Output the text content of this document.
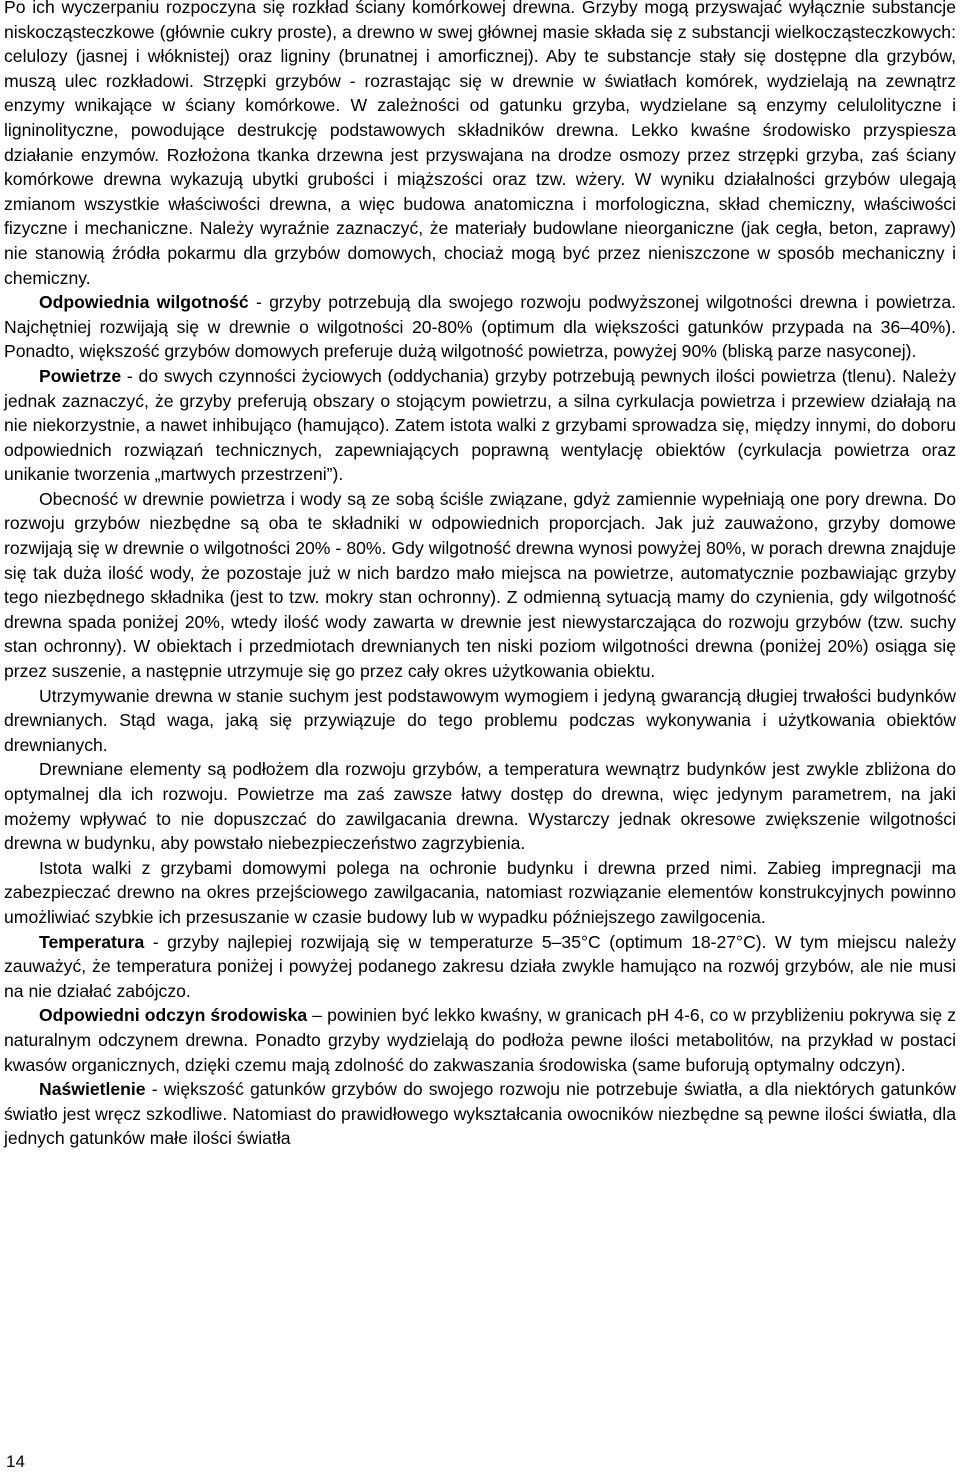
Po ich wyczerpaniu rozpoczyna się rozkład ściany komórkowej drewna. Grzyby mogą przyswajać wyłącznie substancje niskocząsteczkowe (głównie cukry proste), a drewno w swej głównej masie składa się z substancji wielkocząsteczkowych: celulozy (jasnej i włóknistej) oraz ligniny (brunatnej i amorficznej). Aby te substancje stały się dostępne dla grzybów, muszą ulec rozkładowi. Strzępki grzybów - rozrastając się w drewnie w światłach komórek, wydzielają na zewnątrz enzymy wnikające w ściany komórkowe. W zależności od gatunku grzyba, wydzielane są enzymy celulolityczne i ligninolityczne, powodujące destrukcję podstawowych składników drewna. Lekko kwaśne środowisko przyspiesza działanie enzymów. Rozłożona tkanka drzewna jest przyswajana na drodze osmozy przez strzępki grzyba, zaś ściany komórkowe drewna wykazują ubytki grubości i miąższości oraz tzw. wżery. W wyniku działalności grzybów ulegają zmianom wszystkie właściwości drewna, a więc budowa anatomiczna i morfologiczna, skład chemiczny, właściwości fizyczne i mechaniczne. Należy wyraźnie zaznaczyć, że materiały budowlane nieorganiczne (jak cegła, beton, zaprawy) nie stanowią źródła pokarmu dla grzybów domowych, chociaż mogą być przez nieniszczone w sposób mechaniczny i chemiczny.

Odpowiednia wilgotność - grzyby potrzebują dla swojego rozwoju podwyższonej wilgotności drewna i powietrza. Najchętniej rozwijają się w drewnie o wilgotności 20-80% (optimum dla większości gatunków przypada na 36–40%). Ponadto, większość grzybów domowych preferuje dużą wilgotność powietrza, powyżej 90% (bliską parze nasyconej).

Powietrze - do swych czynności życiowych (oddychania) grzyby potrzebują pewnych ilości powietrza (tlenu). Należy jednak zaznaczyć, że grzyby preferują obszary o stojącym powietrzu, a silna cyrkulacja powietrza i przewiew działają na nie niekorzystnie, a nawet inhibująco (hamująco). Zatem istota walki z grzybami sprowadza się, między innymi, do doboru odpowiednich rozwiązań technicznych, zapewniających poprawną wentylację obiektów (cyrkulacja powietrza oraz unikanie tworzenia „martwych przestrzeni”).

Obecność w drewnie powietrza i wody są ze sobą ściśle związane, gdyż zamiennie wypełniają one pory drewna. Do rozwoju grzybów niezbędne są oba te składniki w odpowiednich proporcjach. Jak już zauważono, grzyby domowe rozwijają się w drewnie o wilgotności 20% - 80%. Gdy wilgotność drewna wynosi powyżej 80%, w porach drewna znajduje się tak duża ilość wody, że pozostaje już w nich bardzo mało miejsca na powietrze, automatycznie pozbawiając grzyby tego niezbędnego składnika (jest to tzw. mokry stan ochronny). Z odmienną sytuacją mamy do czynienia, gdy wilgotność drewna spada poniżej 20%, wtedy ilość wody zawarta w drewnie jest niewystarczająca do rozwoju grzybów (tzw. suchy stan ochronny). W obiektach i przedmiotach drewnianych ten niski poziom wilgotności drewna (poniżej 20%) osiąga się przez suszenie, a następnie utrzymuje się go przez cały okres użytkowania obiektu.

Utrzymywanie drewna w stanie suchym jest podstawowym wymogiem i jedyną gwarancją długiej trwałości budynków drewnianych. Stąd waga, jaką się przywiązuje do tego problemu podczas wykonywania i użytkowania obiektów drewnianych.

Drewniane elementy są podłożem dla rozwoju grzybów, a temperatura wewnątrz budynków jest zwykle zbliżona do optymalnej dla ich rozwoju. Powietrze ma zaś zawsze łatwy dostęp do drewna, więc jedynym parametrem, na jaki możemy wpływać to nie dopuszczać do zawilgacania drewna. Wystarczy jednak okresowe zwiększenie wilgotności drewna w budynku, aby powstało niebezpieczeństwo zagrzybienia.

Istota walki z grzybami domowymi polega na ochronie budynku i drewna przed nimi. Zabieg impregnacji ma zabezpieczać drewno na okres przejściowego zawilgacania, natomiast rozwiązanie elementów konstrukcyjnych powinno umożliwiać szybkie ich przesuszanie w czasie budowy lub w wypadku późniejszego zawilgocenia.

Temperatura - grzyby najlepiej rozwijają się w temperaturze 5–35°C (optimum 18-27°C). W tym miejscu należy zauważyć, że temperatura poniżej i powyżej podanego zakresu działa zwykle hamująco na rozwój grzybów, ale nie musi na nie działać zabójczo.

Odpowiedni odczyn środowiska – powinien być lekko kwaśny, w granicach pH 4-6, co w przybliżeniu pokrywa się z naturalnym odczynem drewna. Ponadto grzyby wydzielają do podłoża pewne ilości metabolitów, na przykład w postaci kwasów organicznych, dzięki czemu mają zdolność do zakwaszania środowiska (same buforują optymalny odczyn).

Naświetlenie - większość gatunków grzybów do swojego rozwoju nie potrzebuje światła, a dla niektórych gatunków światło jest wręcz szkodliwe. Natomiast do prawidłowego wykształcania owocników niezbędne są pewne ilości światła, dla jednych gatunków małe ilości światła

14
